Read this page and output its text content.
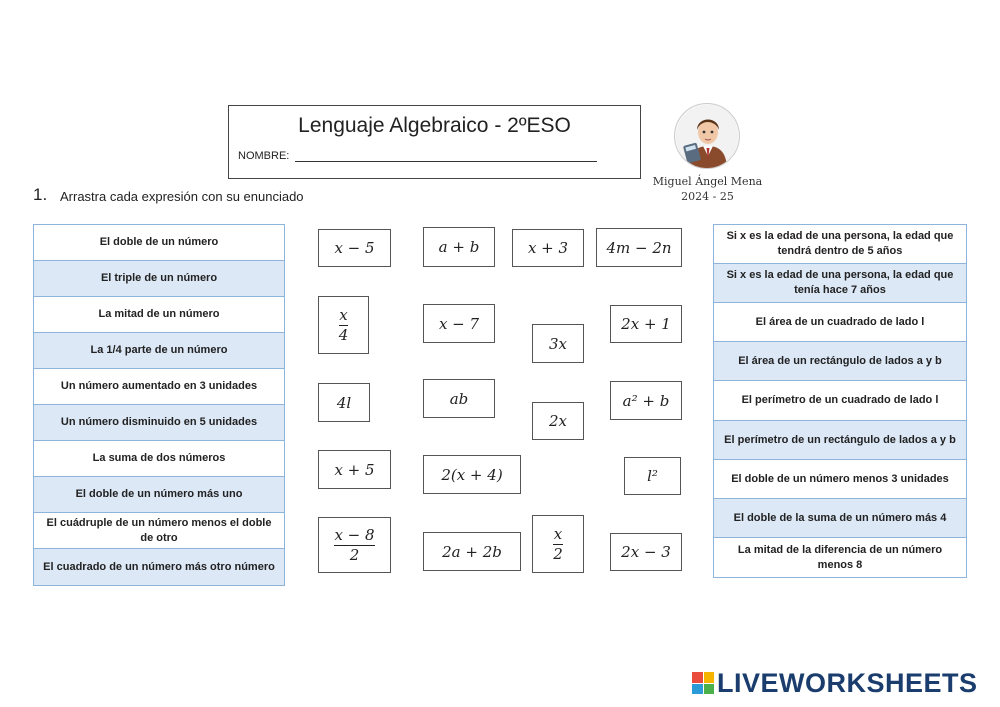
Lenguaje Algebraico - 2ºESO
NOMBRE:
Miguel Ángel Mena
2024 - 25
1. Arrastra cada expresión con su enunciado
El doble de un número
El triple de un número
La mitad de un número
La 1/4 parte de un número
Un número aumentado en 3 unidades
Un número disminuido en 5 unidades
La suma de dos números
El doble de un número más uno
El cuádruple de un número menos el doble de otro
El cuadrado de un número más otro número
Si x es la edad de una persona, la edad que tendrá dentro de 5 años
Si x es la edad de una persona, la edad que tenía hace 7 años
El área de un cuadrado de lado l
El área de un rectángulo de lados a y b
El perímetro de un cuadrado de lado l
El perímetro de un rectángulo de lados a y b
El doble de un número menos 3 unidades
El doble de la suma de un número más 4
La mitad de la diferencia de un número menos 8
x − 5	a + b	x + 3	4m − 2n
$\frac{x}{4}$	x − 7
3x
2x + 1
4l	ab
2x
a² + b
x + 5	2(x + 4)	l²
$\frac{x - 8}{2}$	2a + 2b	$\frac{x}{2}$	2x − 3
LIVEWORKSHEETS
